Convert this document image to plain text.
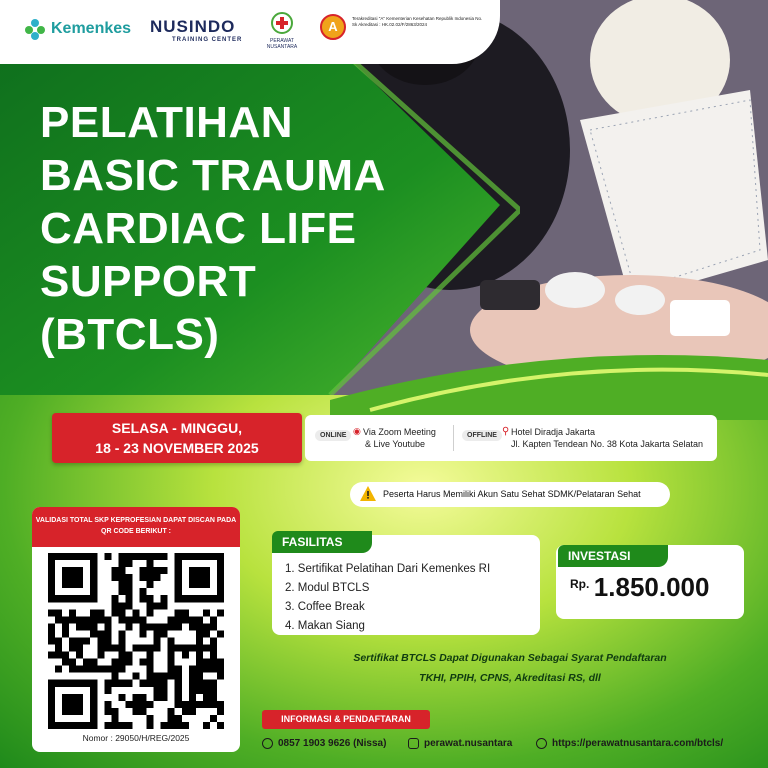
Kemenkes NUSINDO
TRAINING CENTER	PERAWAT
NUSANTARA
A
Terakreditasi "A" Kementerian Kesehatan Republik Indonesia No. Sk Akreditasi : HK.02.02/F/2863/2024
PELATIHAN
BASIC TRAUMA
CARDIAC LIFE
SUPPORT
(BTCLS)
SELASA - MINGGU,
18 - 23 NOVEMBER 2025
ONLINE ◉ Via Zoom Meeting
& Live Youtube
OFFLINE ⚲ Hotel Diradja Jakarta
Jl. Kapten Tendean No. 38 Kota Jakarta Selatan
Peserta Harus Memiliki Akun Satu Sehat SDMK/Pelataran Sehat
VALIDASI TOTAL SKP KEPROFESIAN DAPAT DISCAN PADA QR CODE BERIKUT :
Nomor : 29050/H/REG/2025
FASILITAS
1. Sertifikat Pelatihan Dari Kemenkes RI
2. Modul BTCLS
3. Coffee Break
4. Makan Siang
INVESTASI
$^{Rp.}$ 1.850.000
Sertifikat BTCLS Dapat Digunakan Sebagai Syarat Pendaftaran
TKHI, PPIH, CPNS, Akreditasi RS, dll
INFORMASI & PENDAFTARAN
0857 1903 9626 (Nissa)	perawat.nusantara	https://perawatnusantara.com/btcls/
